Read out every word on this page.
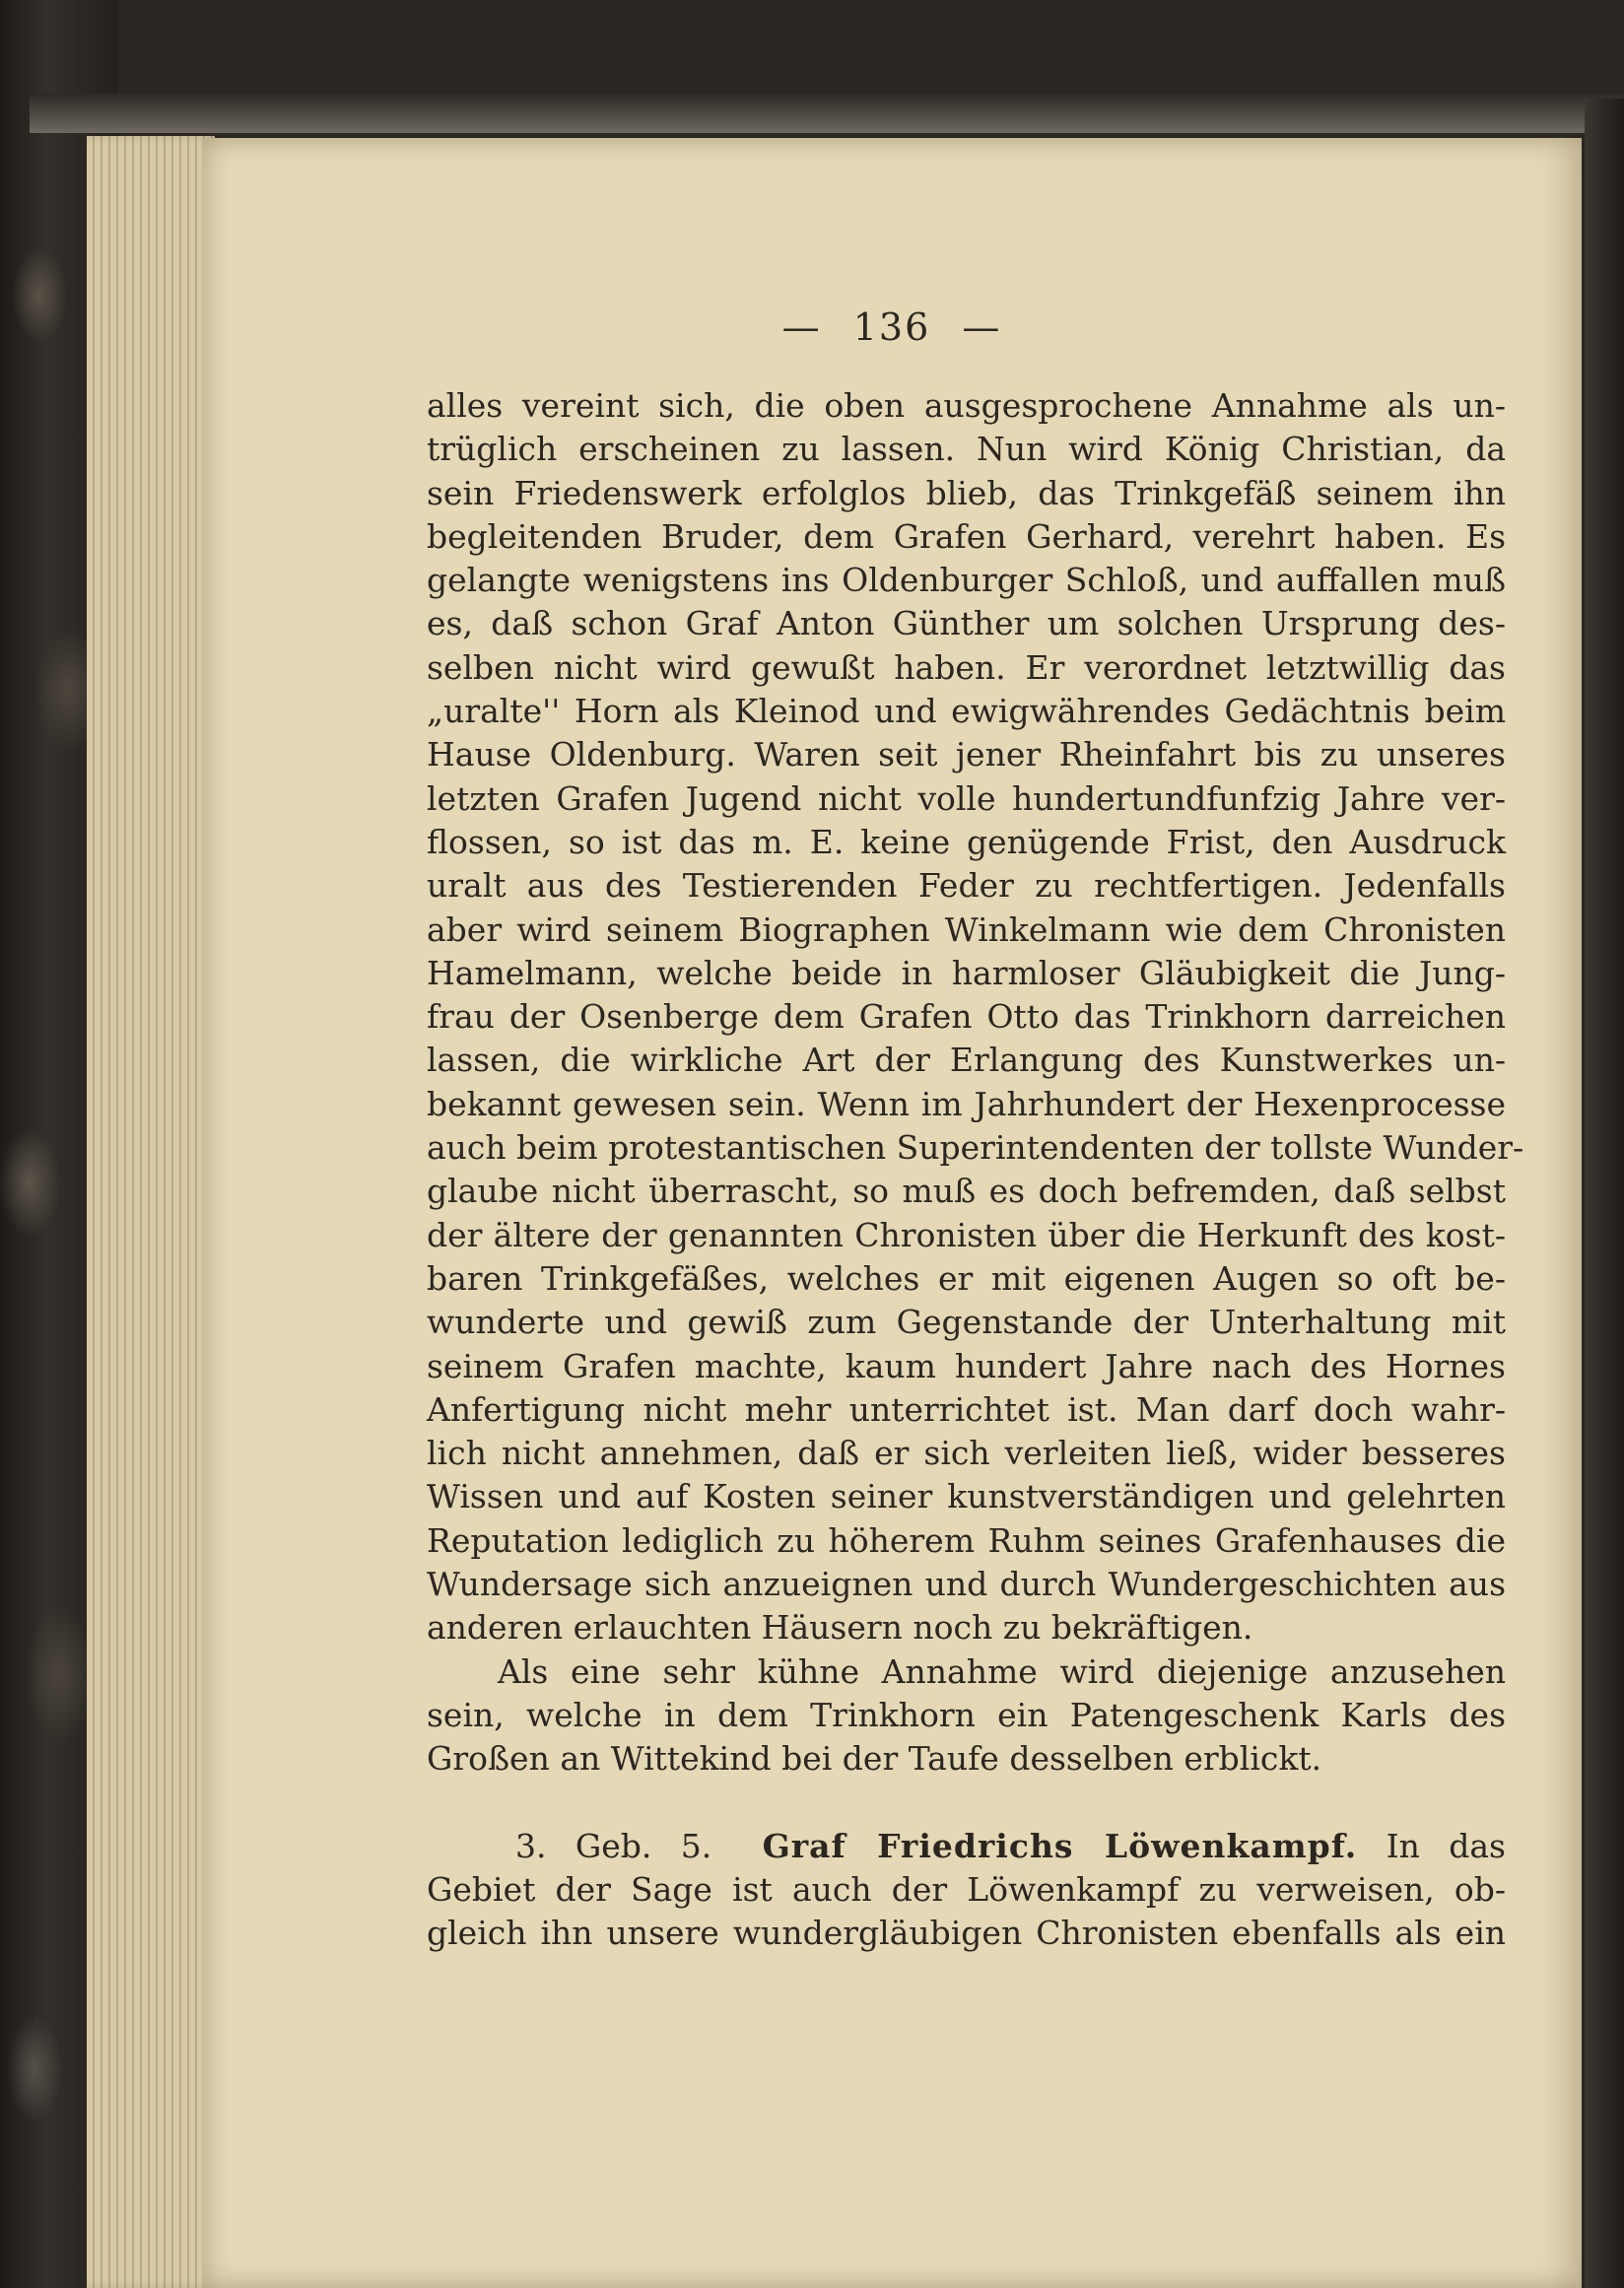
— 136 —
alles vereint sich, die oben ausgesprochene Annahme als un-
trüglich erscheinen zu lassen. Nun wird König Christian, da
sein Friedenswerk erfolglos blieb, das Trinkgefäß seinem ihn
begleitenden Bruder, dem Grafen Gerhard, verehrt haben. Es
gelangte wenigstens ins Oldenburger Schloß, und auffallen muß
es, daß schon Graf Anton Günther um solchen Ursprung des-
selben nicht wird gewußt haben. Er verordnet letztwillig das
„uralte'' Horn als Kleinod und ewigwährendes Gedächtnis beim
Hause Oldenburg. Waren seit jener Rheinfahrt bis zu unseres
letzten Grafen Jugend nicht volle hundertundfunfzig Jahre ver-
flossen, so ist das m. E. keine genügende Frist, den Ausdruck
uralt aus des Testierenden Feder zu rechtfertigen. Jedenfalls
aber wird seinem Biographen Winkelmann wie dem Chronisten
Hamelmann, welche beide in harmloser Gläubigkeit die Jung-
frau der Osenberge dem Grafen Otto das Trinkhorn darreichen
lassen, die wirkliche Art der Erlangung des Kunstwerkes un-
bekannt gewesen sein. Wenn im Jahrhundert der Hexenprocesse
auch beim protestantischen Superintendenten der tollste Wunder-
glaube nicht überrascht, so muß es doch befremden, daß selbst
der ältere der genannten Chronisten über die Herkunft des kost-
baren Trinkgefäßes, welches er mit eigenen Augen so oft be-
wunderte und gewiß zum Gegenstande der Unterhaltung mit
seinem Grafen machte, kaum hundert Jahre nach des Hornes
Anfertigung nicht mehr unterrichtet ist. Man darf doch wahr-
lich nicht annehmen, daß er sich verleiten ließ, wider besseres
Wissen und auf Kosten seiner kunstverständigen und gelehrten
Reputation lediglich zu höherem Ruhm seines Grafenhauses die
Wundersage sich anzueignen und durch Wundergeschichten aus
anderen erlauchten Häusern noch zu bekräftigen.
Als eine sehr kühne Annahme wird diejenige anzusehen
sein, welche in dem Trinkhorn ein Patengeschenk Karls des
Großen an Wittekind bei der Taufe desselben erblickt.
3. Geb. 5. Graf Friedrichs Löwenkampf. In das
Gebiet der Sage ist auch der Löwenkampf zu verweisen, ob-
gleich ihn unsere wundergläubigen Chronisten ebenfalls als ein
